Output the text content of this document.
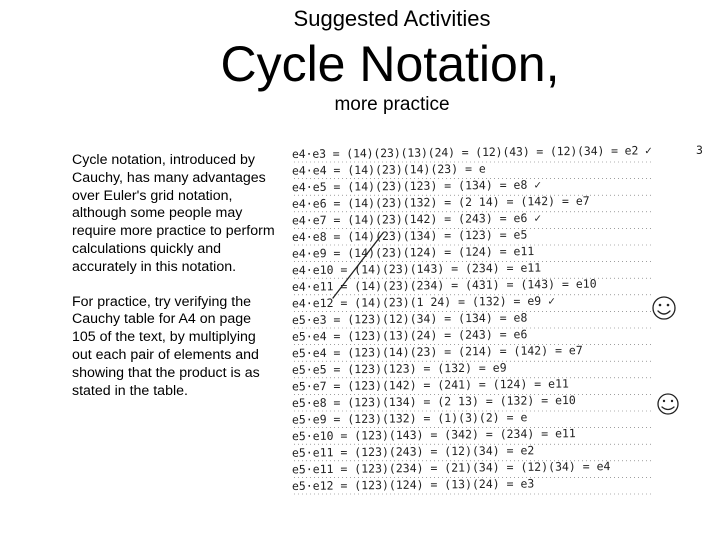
Suggested Activities
Cycle Notation,
more practice

Cycle notation, introduced by Cauchy, has many advantages over Euler's grid notation, although some people may require more practice to perform calculations quickly and accurately in this notation.

For practice, try verifying the Cauchy table for A4 on page 105 of the text, by multiplying out each pair of elements and showing that the product is as stated in the table.

3
e4·e3 = (14)(23)(13)(24) = (12)(43) = (12)(34) = e2 ✓
e4·e4 = (14)(23)(14)(23) = e
e4·e5 = (14)(23)(123) = (134) = e8 ✓
e4·e6 = (14)(23)(132) = (2 14) = (142) = e7
e4·e7 = (14)(23)(142) = (243) = e6 ✓
e4·e8 = (14)(23)(134) = (123) = e5
e4·e9 = (14)(23)(124) = (124) = e11
e4·e10 = (14)(23)(143) = (234) = e11
e4·e11 = (14)(23)(234) = (431) = (143) = e10
e4·e12 = (14)(23)(1 24) = (132) = e9 ✓
e5·e3 = (123)(12)(34) = (134) = e8
e5·e4 = (123)(13)(24) = (243) = e6
e5·e4 = (123)(14)(23) = (214) = (142) = e7
e5·e5 = (123)(123) = (132) = e9
e5·e7 = (123)(142) = (241) = (124) = e11
e5·e8 = (123)(134) = (2 13) = (132) = e10
e5·e9 = (123)(132) = (1)(3)(2) = e
e5·e10 = (123)(143) = (342) = (234) = e11
e5·e11 = (123)(243) = (12)(34) = e2
e5·e11 = (123)(234) = (21)(34) = (12)(34) = e4
e5·e12 = (123)(124) = (13)(24) = e3
